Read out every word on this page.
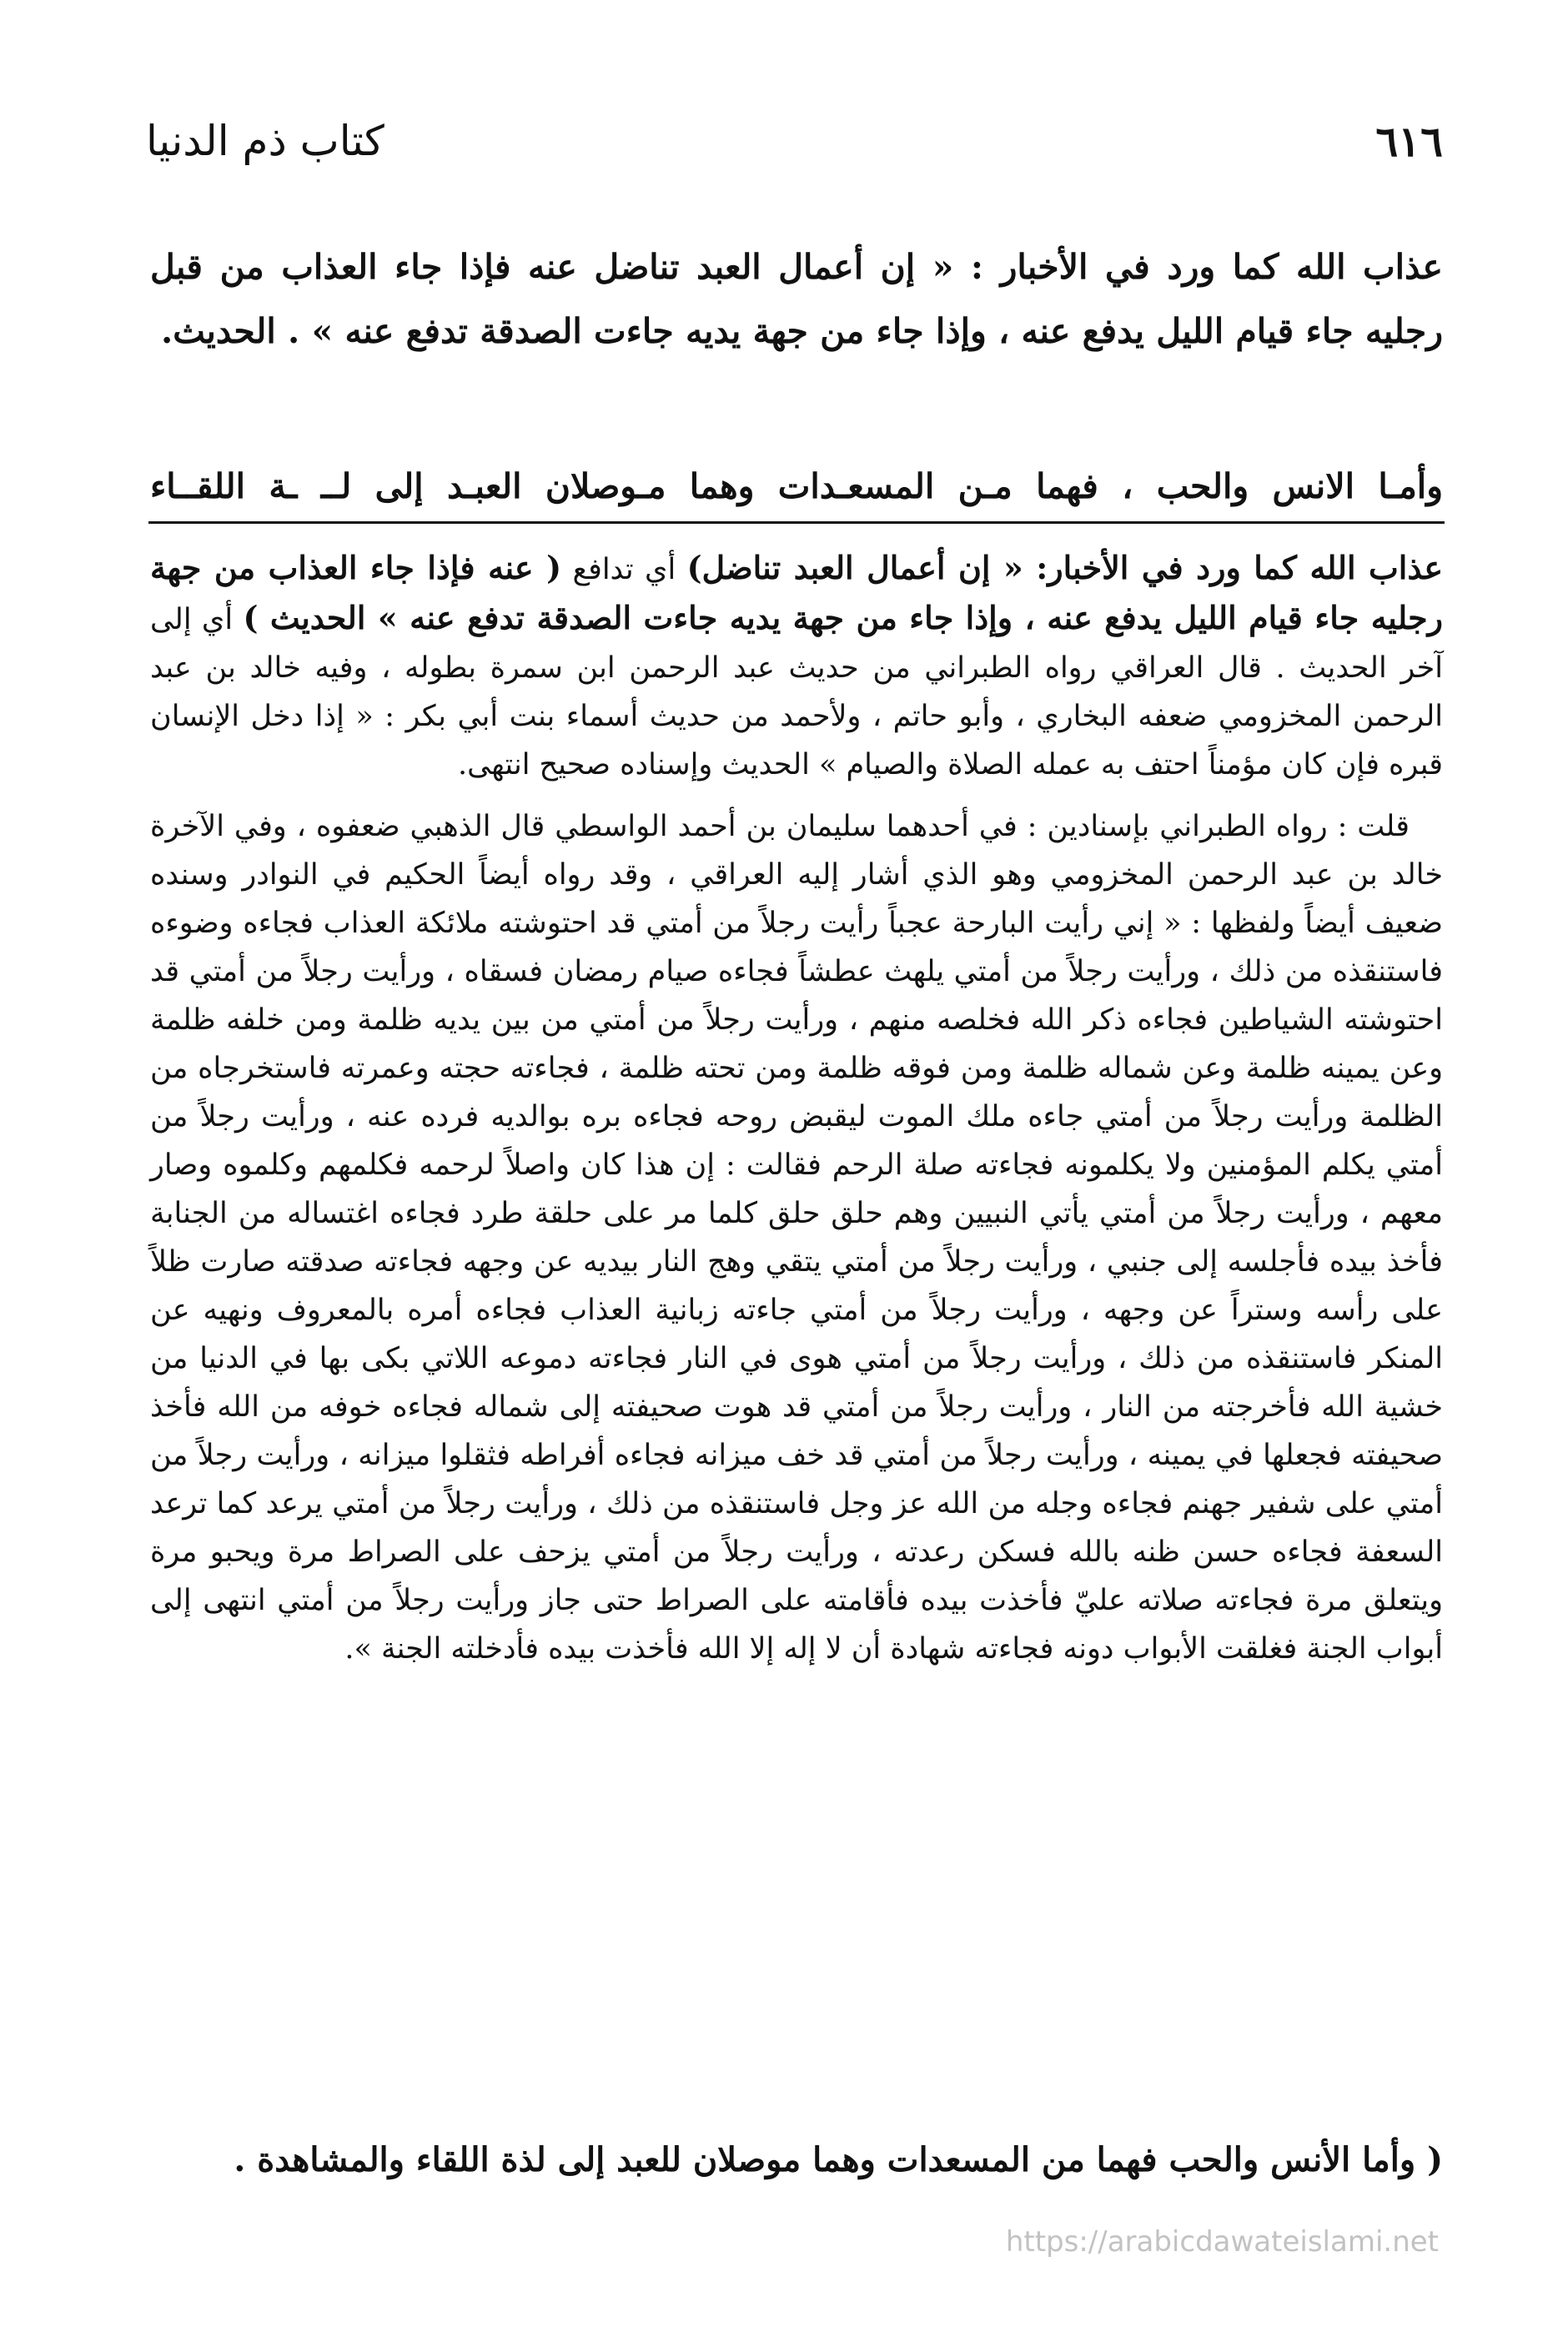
٦١٦
كتاب ذم الدنيا

عذاب الله كما ورد في الأخبار : « إن أعمال العبد تناضل عنه فإذا جاء العذاب من قبل رجليه جاء قيام الليل يدفع عنه ، وإذا جاء من جهة يديه جاءت الصدقة تدفع عنه » . الحديث.

وأمـا الانس والحب ، فهما مـن المسعـدات وهما مـوصلان العبـد إلى لــ ـة اللقــاء

عذاب الله كما ورد في الأخبار: « إن أعمال العبد تناضل) أي تدافع ( عنه فإذا جاء العذاب من جهة رجليه جاء قيام الليل يدفع عنه ، وإذا جاء من جهة يديه جاءت الصدقة تدفع عنه » الحديث ) أي إلى آخر الحديث . قال العراقي رواه الطبراني من حديث عبد الرحمن ابن سمرة بطوله ، وفيه خالد بن عبد الرحمن المخزومي ضعفه البخاري ، وأبو حاتم ، ولأحمد من حديث أسماء بنت أبي بكر : « إذا دخل الإنسان قبره فإن كان مؤمناً احتف به عمله الصلاة والصيام » الحديث وإسناده صحيح انتهى.

قلت : رواه الطبراني بإسنادين : في أحدهما سليمان بن أحمد الواسطي قال الذهبي ضعفوه ، وفي الآخرة خالد بن عبد الرحمن المخزومي وهو الذي أشار إليه العراقي ، وقد رواه أيضاً الحكيم في النوادر وسنده ضعيف أيضاً ولفظها : « إني رأيت البارحة عجباً رأيت رجلاً من أمتي قد احتوشته ملائكة العذاب فجاءه وضوءه فاستنقذه من ذلك ، ورأيت رجلاً من أمتي يلهث عطشاً فجاءه صيام رمضان فسقاه ، ورأيت رجلاً من أمتي قد احتوشته الشياطين فجاءه ذكر الله فخلصه منهم ، ورأيت رجلاً من أمتي من بين يديه ظلمة ومن خلفه ظلمة وعن يمينه ظلمة وعن شماله ظلمة ومن فوقه ظلمة ومن تحته ظلمة ، فجاءته حجته وعمرته فاستخرجاه من الظلمة ورأيت رجلاً من أمتي جاءه ملك الموت ليقبض روحه فجاءه بره بوالديه فرده عنه ، ورأيت رجلاً من أمتي يكلم المؤمنين ولا يكلمونه فجاءته صلة الرحم فقالت : إن هذا كان واصلاً لرحمه فكلمهم وكلموه وصار معهم ، ورأيت رجلاً من أمتي يأتي النبيين وهم حلق حلق كلما مر على حلقة طرد فجاءه اغتساله من الجنابة فأخذ بيده فأجلسه إلى جنبي ، ورأيت رجلاً من أمتي يتقي وهج النار بيديه عن وجهه فجاءته صدقته صارت ظلاً على رأسه وستراً عن وجهه ، ورأيت رجلاً من أمتي جاءته زبانية العذاب فجاءه أمره بالمعروف ونهيه عن المنكر فاستنقذه من ذلك ، ورأيت رجلاً من أمتي هوى في النار فجاءته دموعه اللاتي بكى بها في الدنيا من خشية الله فأخرجته من النار ، ورأيت رجلاً من أمتي قد هوت صحيفته إلى شماله فجاءه خوفه من الله فأخذ صحيفته فجعلها في يمينه ، ورأيت رجلاً من أمتي قد خف ميزانه فجاءه أفراطه فثقلوا ميزانه ، ورأيت رجلاً من أمتي على شفير جهنم فجاءه وجله من الله عز وجل فاستنقذه من ذلك ، ورأيت رجلاً من أمتي يرعد كما ترعد السعفة فجاءه حسن ظنه بالله فسكن رعدته ، ورأيت رجلاً من أمتي يزحف على الصراط مرة ويحبو مرة ويتعلق مرة فجاءته صلاته عليّ فأخذت بيده فأقامته على الصراط حتى جاز ورأيت رجلاً من أمتي انتهى إلى أبواب الجنة فغلقت الأبواب دونه فجاءته شهادة أن لا إله إلا الله فأخذت بيده فأدخلته الجنة ».

( وأما الأنس والحب فهما من المسعدات وهما موصلان للعبد إلى لذة اللقاء والمشاهدة .
https://arabicdawateislami.net
